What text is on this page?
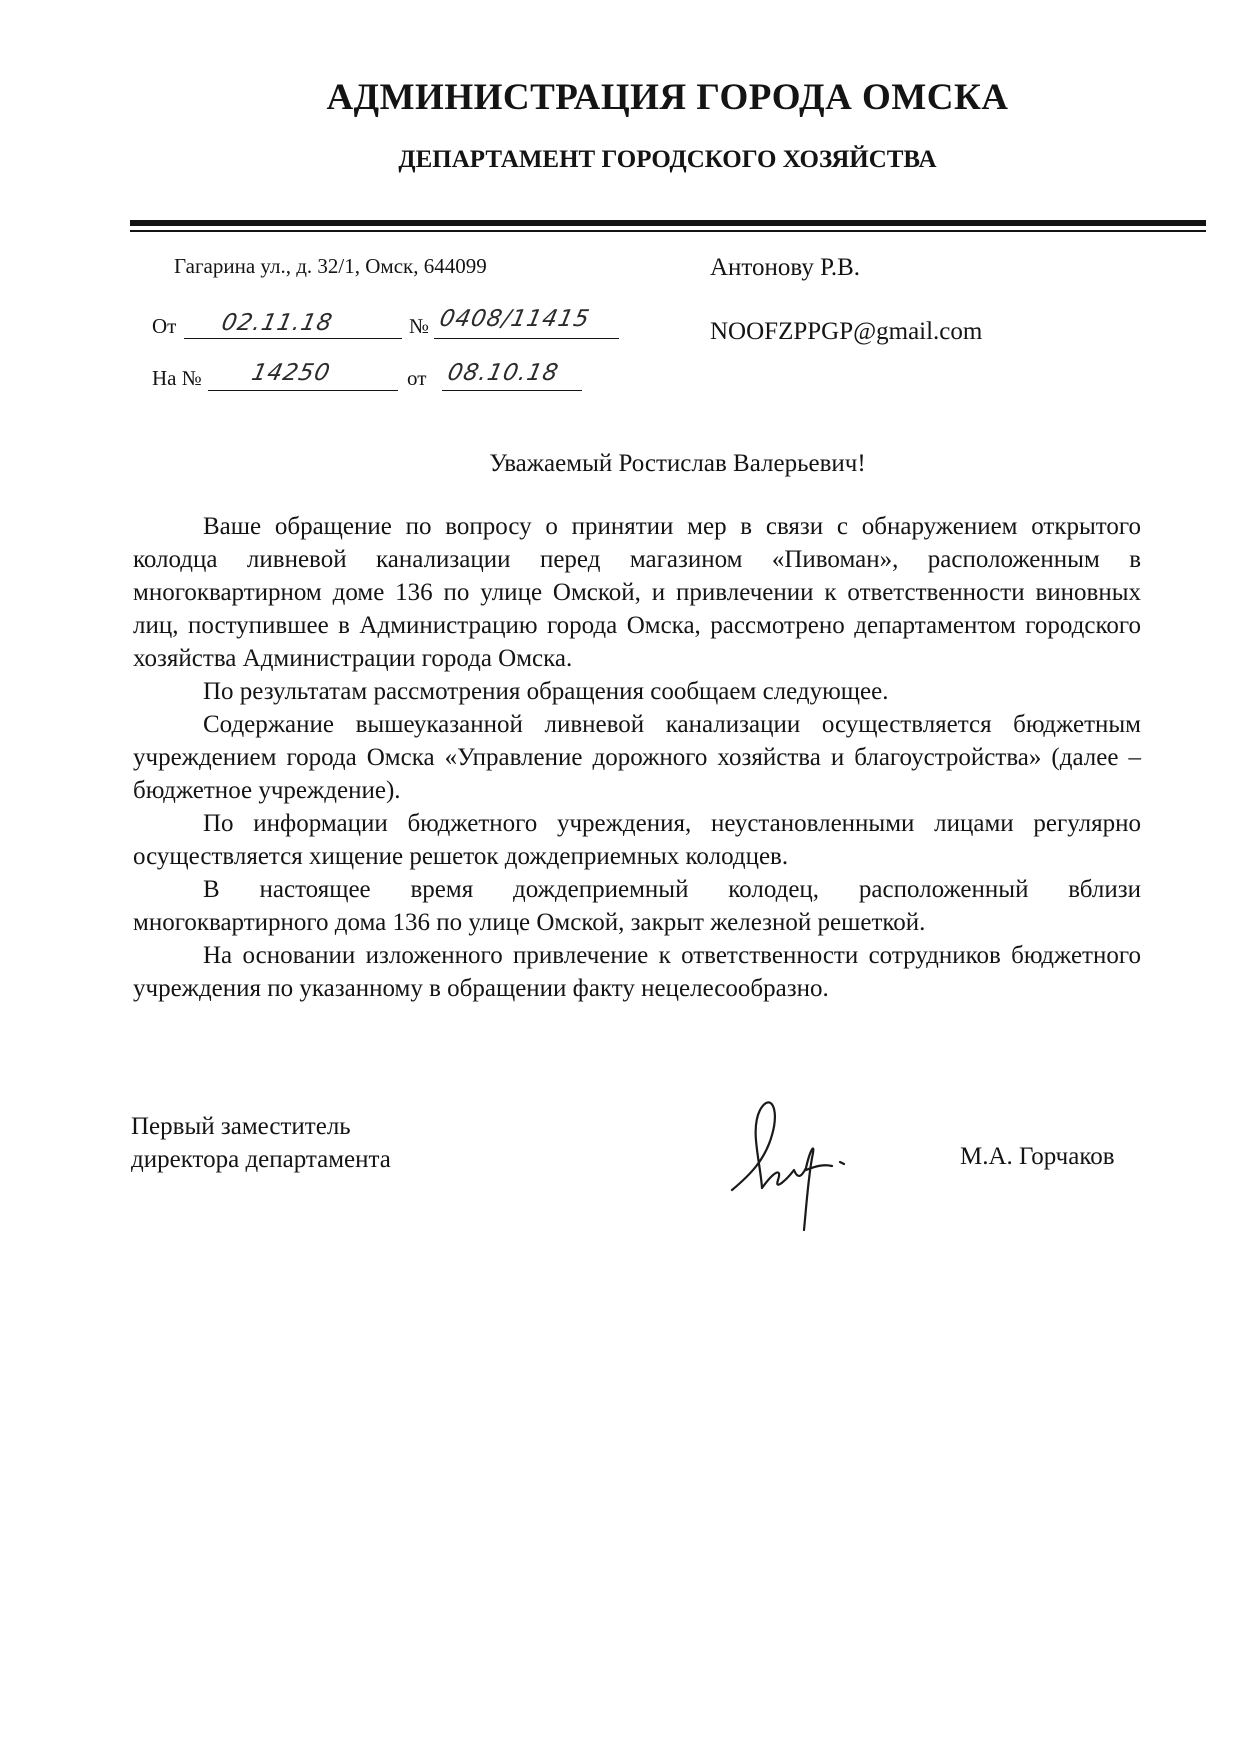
АДМИНИСТРАЦИЯ ГОРОДА ОМСКА
ДЕПАРТАМЕНТ ГОРОДСКОГО ХОЗЯЙСТВА
Гагарина ул., д. 32/1, Омск, 644099
От 02.11.18	№ 0408/11415
На № 14250	от 08.10.18
Антонову Р.В.
NOOFZPPGP@gmail.com
Уважаемый Ростислав Валерьевич!

Ваше обращение по вопросу о принятии мер в связи с обнаружением открытого колодца ливневой канализации перед магазином «Пивоман», расположенным в многоквартирном доме 136 по улице Омской, и привлечении к ответственности виновных лиц, поступившее в Администрацию города Омска, рассмотрено департаментом городского хозяйства Администрации города Омска.

По результатам рассмотрения обращения сообщаем следующее.

Содержание вышеуказанной ливневой канализации осуществляется бюджетным учреждением города Омска «Управление дорожного хозяйства и благоустройства» (далее – бюджетное учреждение).

По информации бюджетного учреждения, неустановленными лицами регулярно осуществляется хищение решеток дождеприемных колодцев.

В настоящее время дождеприемный колодец, расположенный вблизи многоквартирного дома 136 по улице Омской, закрыт железной решеткой.

На основании изложенного привлечение к ответственности сотрудников бюджетного учреждения по указанному в обращении факту нецелесообразно.

Первый заместитель
директора департамента	М.А. Горчаков
